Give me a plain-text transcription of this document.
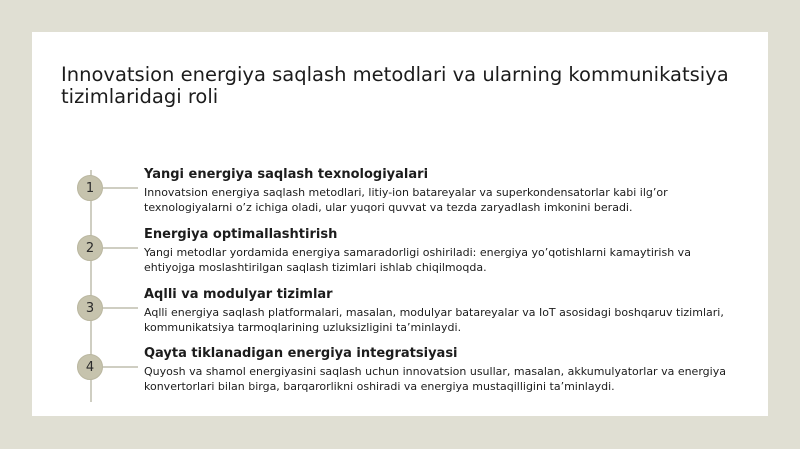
Innovatsion energiya saqlash metodlari va ularning kommunikatsiya tizimlaridagi roli
1
Yangi energiya saqlash texnologiyalari

Innovatsion energiya saqlash metodlari, litiy-ion batareyalar va superkondensatorlar kabi ilg’or texnologiyalarni o’z ichiga oladi, ular yuqori quvvat va tezda zaryadlash imkonini beradi.

2
Energiya optimallashtirish

Yangi metodlar yordamida energiya samaradorligi oshiriladi: energiya yo’qotishlarni kamaytirish va ehtiyojga moslashtirilgan saqlash tizimlari ishlab chiqilmoqda.

3
Aqlli va modulyar tizimlar

Aqlli energiya saqlash platformalari, masalan, modulyar batareyalar va IoT asosidagi boshqaruv tizimlari, kommunikatsiya tarmoqlarining uzluksizligini ta’minlaydi.

4
Qayta tiklanadigan energiya integratsiyasi

Quyosh va shamol energiyasini saqlash uchun innovatsion usullar, masalan, akkumulyatorlar va energiya konvertorlari bilan birga, barqarorlikni oshiradi va energiya mustaqilligini ta’minlaydi.
